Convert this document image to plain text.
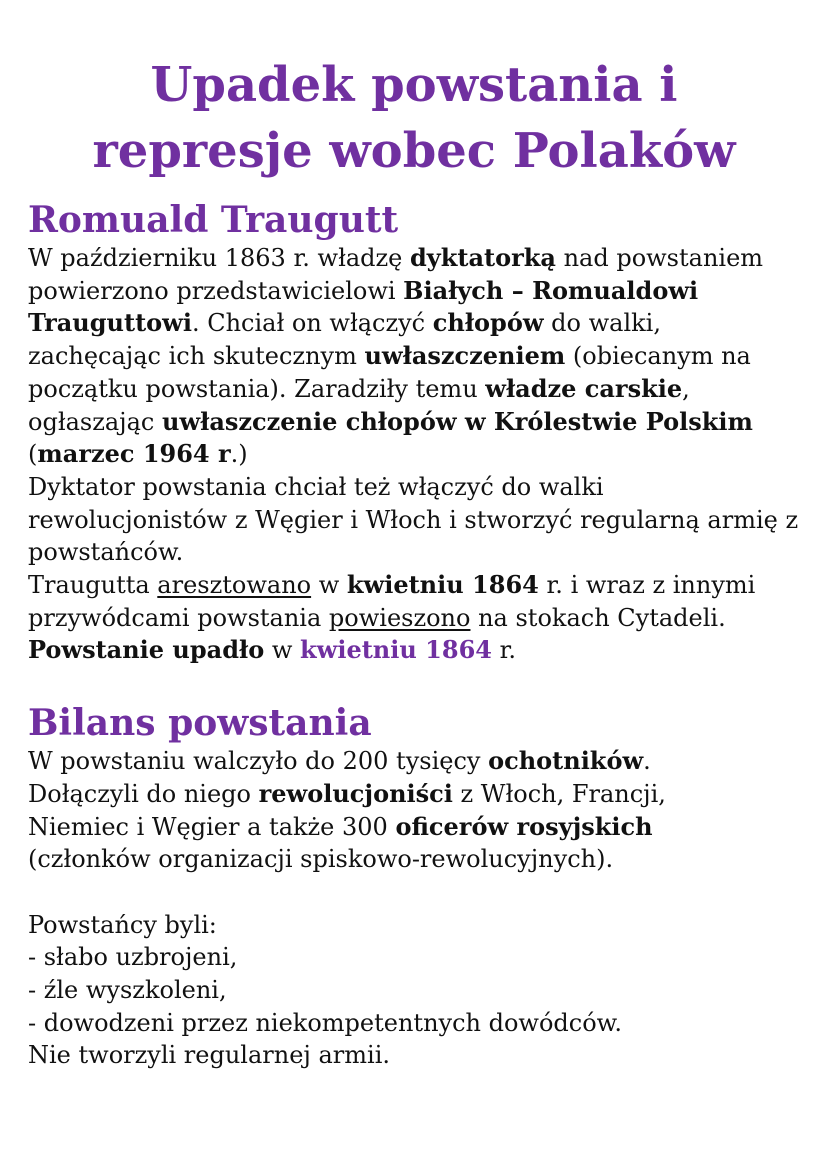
Upadek powstania i
represje wobec Polaków
Romuald Traugutt

W październiku 1863 r. władzę dyktatorką nad powstaniem powierzono przedstawicielowi Białych – Romualdowi Trauguttowi. Chciał on włączyć chłopów do walki, zachęcając ich skutecznym uwłaszczeniem (obiecanym na początku powstania). Zaradziły temu władze carskie, ogłaszając uwłaszczenie chłopów w Królestwie Polskim (marzec 1964 r.)

Dyktator powstania chciał też włączyć do walki rewolucjonistów z Węgier i Włoch i stworzyć regularną armię z powstańców.

Traugutta aresztowano w kwietniu 1864 r. i wraz z innymi przywódcami powstania powieszono na stokach Cytadeli.

Powstanie upadło w kwietniu 1864 r.

Bilans powstania

W powstaniu walczyło do 200 tysięcy ochotników.

Dołączyli do niego rewolucjoniści z Włoch, Francji,

Niemiec i Węgier a także 300 oficerów rosyjskich

(członków organizacji spiskowo-rewolucyjnych).

Powstańcy byli:

- słabo uzbrojeni,

- źle wyszkoleni,

- dowodzeni przez niekompetentnych dowódców.

Nie tworzyli regularnej armii.
